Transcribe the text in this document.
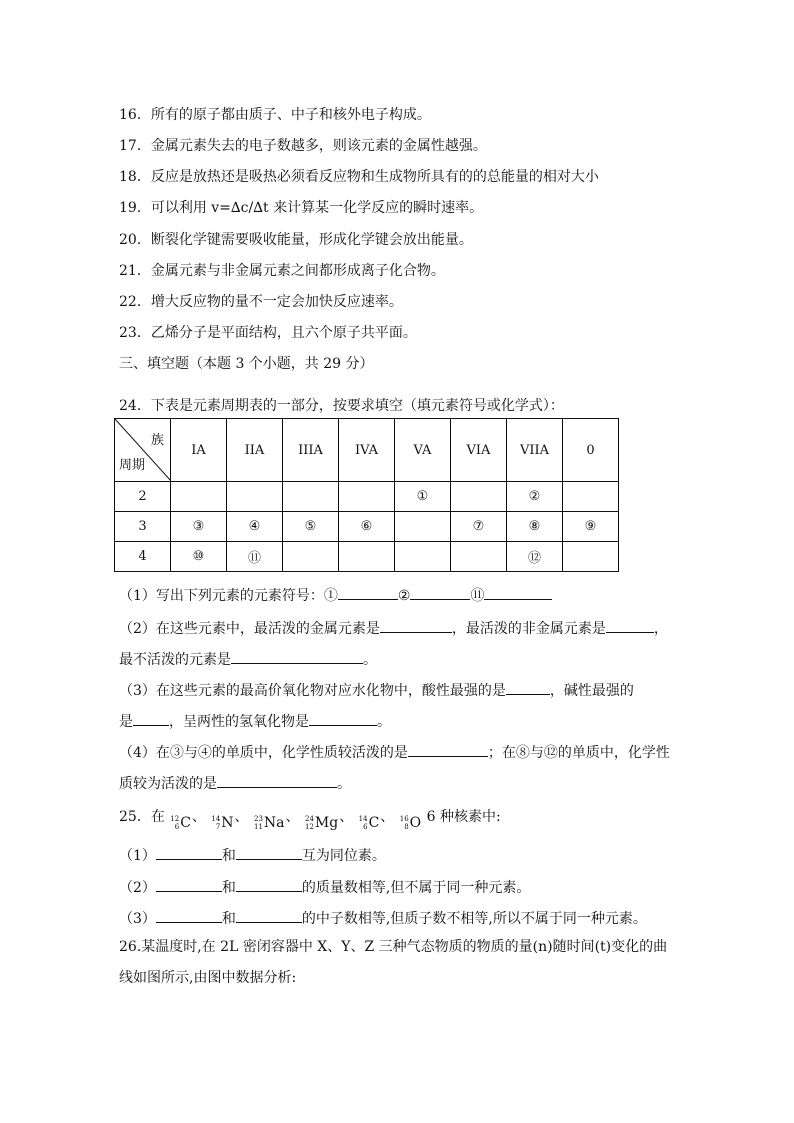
16．所有的原子都由质子、中子和核外电子构成。
17．金属元素失去的电子数越多，则该元素的金属性越强。
18．反应是放热还是吸热必须看反应物和生成物所具有的的总能量的相对大小
19．可以利用 v=∆c/∆t 来计算某一化学反应的瞬时速率。
20．断裂化学键需要吸收能量，形成化学键会放出能量。
21．金属元素与非金属元素之间都形成离子化合物。
22．增大反应物的量不一定会加快反应速率。
23．乙烯分子是平面结构，且六个原子共平面。
三、填空题（本题 3 个小题，共 29 分）
24．下表是元素周期表的一部分，按要求填空（填元素符号或化学式）：
族
周期	IA	IIA	IIIA	IVA	VA	VIA	VIIA	0
2					①		②	
3	③	④	⑤	⑥		⑦	⑧	⑨
4	⑩	⑪					⑫	
（1）写出下列元素的元素符号：①	②	⑪
（2）在这些元素中，最活泼的金属元素是	，最活泼的非金属元素是	，
最不活泼的元素是	。
（3）在这些元素的最高价氧化物对应水化物中，酸性最强的是	，碱性最强的
是	，呈两性的氢氧化物是	。
（4）在③与④的单质中，化学性质较活泼的是	；在⑧与⑫的单质中，化学性
质较为活泼的是	。
25．在 12
6 C 、 14
7 N 、 23
11 Na 、 24
12 Mg 、 14
6 C 、 16
8 O 6 种核素中:
（1）	和	互为同位素。
（2）	和	的质量数相等,但不属于同一种元素。
（3）	和	的中子数相等,但质子数不相等,所以不属于同一种元素。
26.某温度时,在 2L 密闭容器中 X、Y、Z 三种气态物质的物质的量(n)随时间(t)变化的曲线如图所示,由图中数据分析:
